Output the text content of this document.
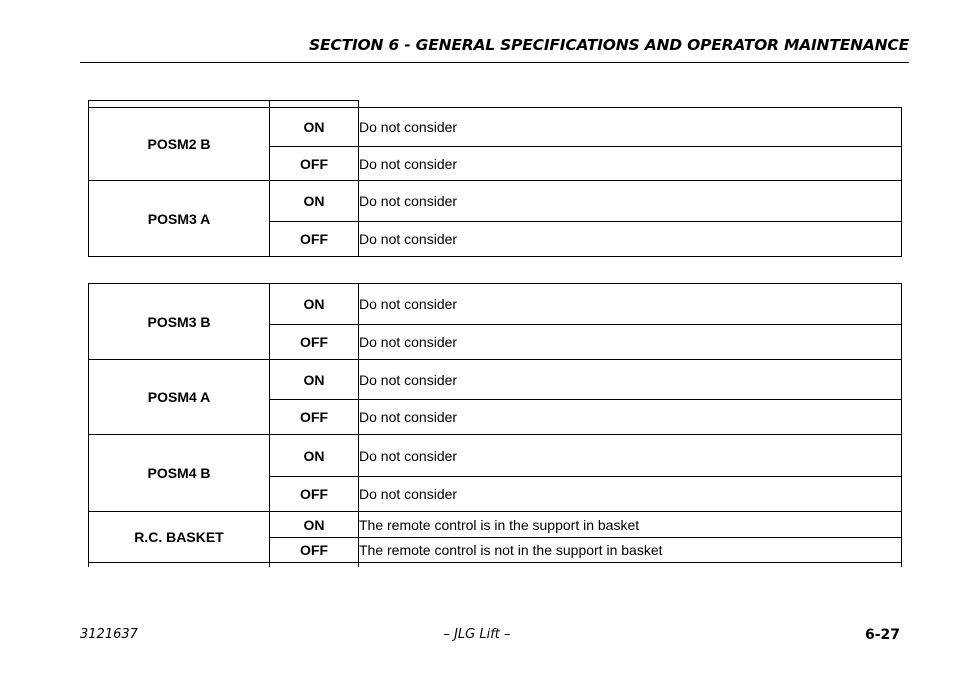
SECTION 6 - GENERAL SPECIFICATIONS AND OPERATOR MAINTENANCE

POSM2 B	ON	Do not consider
	OFF	Do not consider
POSM3 A	ON	Do not consider
	OFF	Do not consider
POSM3 B	ON	Do not consider
	OFF	Do not consider
POSM4 A	ON	Do not consider
	OFF	Do not consider
POSM4 B	ON	Do not consider
	OFF	Do not consider
R.C. BASKET	ON	The remote control is in the support in basket
	OFF	The remote control is not in the support in basket

3121637	– JLG Lift –	6-27
